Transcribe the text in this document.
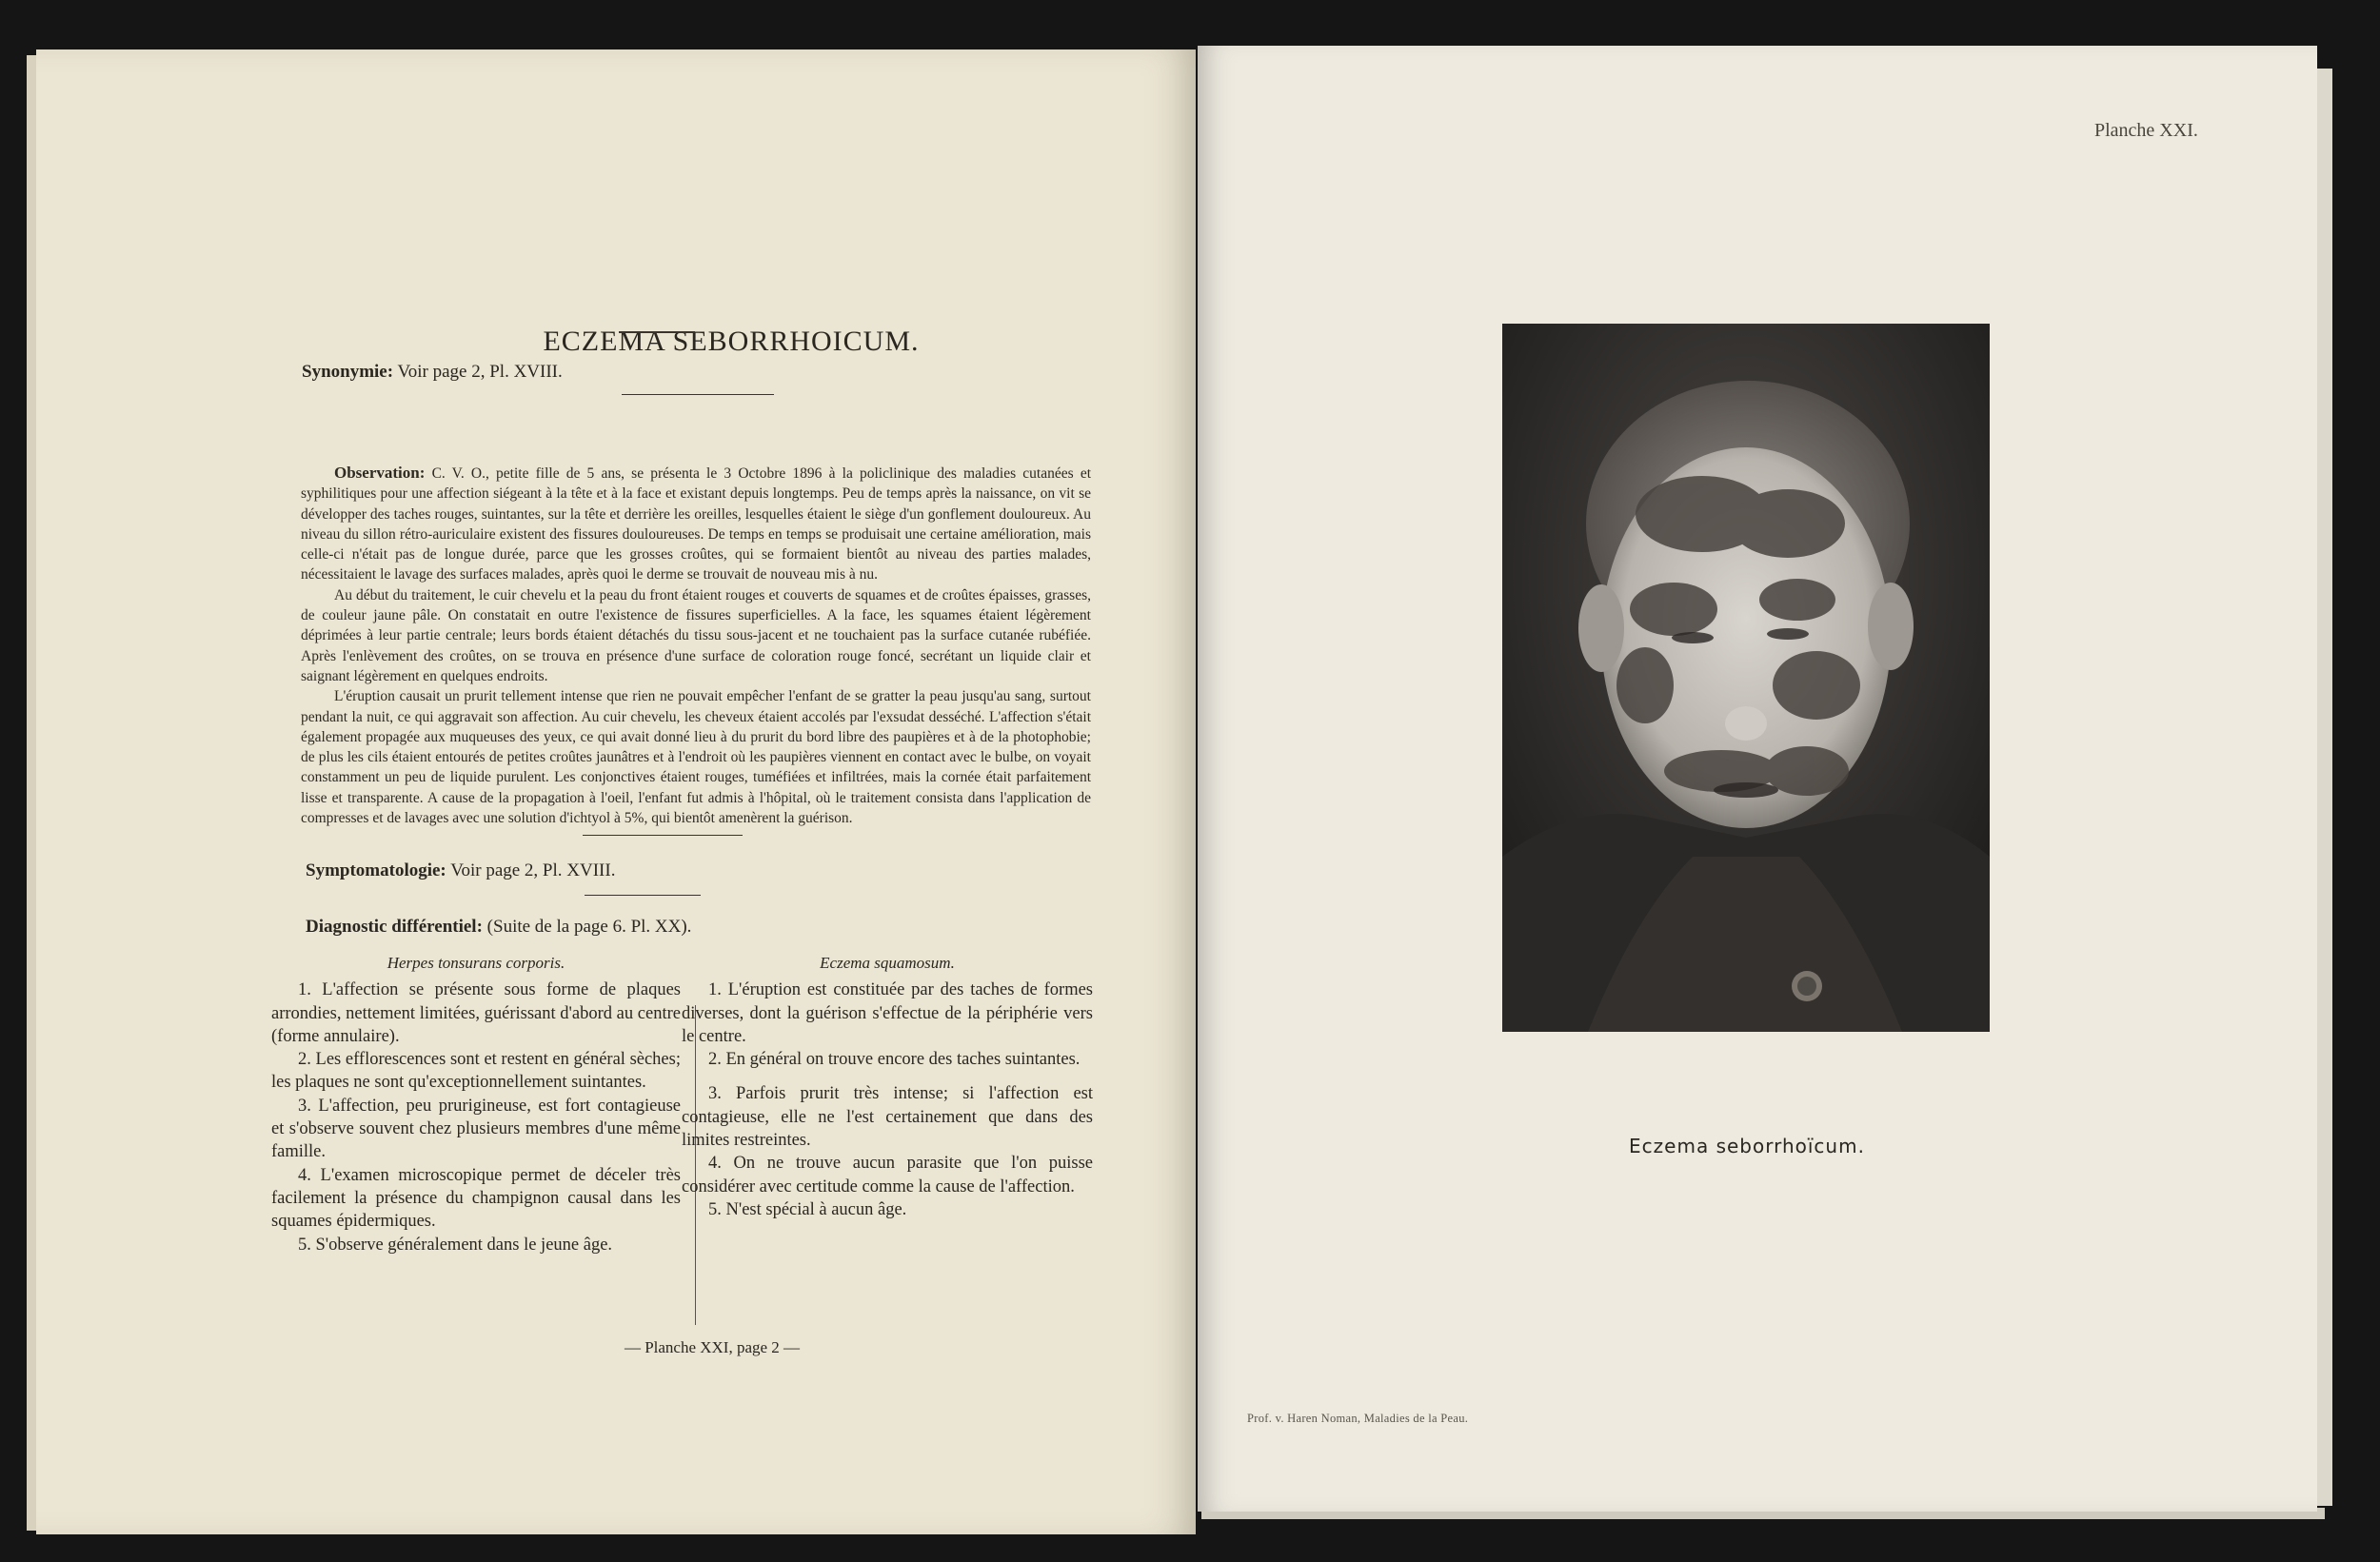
ECZEMA SEBORRHOICUM.
Synonymie: Voir page 2, Pl. XVIII.

Observation: C. V. O., petite fille de 5 ans, se présenta le 3 Octobre 1896 à la policlinique des maladies cutanées et syphilitiques pour une affection siégeant à la tête et à la face et existant depuis longtemps. Peu de temps après la naissance, on vit se développer des taches rouges, suintantes, sur la tête et derrière les oreilles, lesquelles étaient le siège d'un gonflement douloureux. Au niveau du sillon rétro-auriculaire existent des fissures douloureuses. De temps en temps se produisait une certaine amélioration, mais celle-ci n'était pas de longue durée, parce que les grosses croûtes, qui se formaient bientôt au niveau des parties malades, nécessitaient le lavage des surfaces malades, après quoi le derme se trouvait de nouveau mis à nu.

Au début du traitement, le cuir chevelu et la peau du front étaient rouges et couverts de squames et de croûtes épaisses, grasses, de couleur jaune pâle. On constatait en outre l'existence de fissures superficielles. A la face, les squames étaient légèrement déprimées à leur partie centrale; leurs bords étaient détachés du tissu sous-jacent et ne touchaient pas la surface cutanée rubéfiée. Après l'enlèvement des croûtes, on se trouva en présence d'une surface de coloration rouge foncé, secrétant un liquide clair et saignant légèrement en quelques endroits.

L'éruption causait un prurit tellement intense que rien ne pouvait empêcher l'enfant de se gratter la peau jusqu'au sang, surtout pendant la nuit, ce qui aggravait son affection. Au cuir chevelu, les cheveux étaient accolés par l'exsudat desséché. L'affection s'était également propagée aux muqueuses des yeux, ce qui avait donné lieu à du prurit du bord libre des paupières et à de la photophobie; de plus les cils étaient entourés de petites croûtes jaunâtres et à l'endroit où les paupières viennent en contact avec le bulbe, on voyait constamment un peu de liquide purulent. Les conjonctives étaient rouges, tuméfiées et infiltrées, mais la cornée était parfaitement lisse et transparente. A cause de la propagation à l'oeil, l'enfant fut admis à l'hôpital, où le traitement consista dans l'application de compresses et de lavages avec une solution d'ichtyol à 5%, qui bientôt amenèrent la guérison.

Symptomatologie: Voir page 2, Pl. XVIII.
Diagnostic différentiel: (Suite de la page 6. Pl. XX).
Herpes tonsurans corporis.

1. L'affection se présente sous forme de plaques arrondies, nettement limitées, guérissant d'abord au centre (forme annulaire).

2. Les efflorescences sont et restent en général sèches; les plaques ne sont qu'exceptionnellement suintantes.

3. L'affection, peu prurigineuse, est fort contagieuse et s'observe souvent chez plusieurs membres d'une même famille.

4. L'examen microscopique permet de déceler très facilement la présence du champignon causal dans les squames épidermiques.

5. S'observe généralement dans le jeune âge.

Eczema squamosum.

1. L'éruption est constituée par des taches de formes diverses, dont la guérison s'effectue de la périphérie vers le centre.

2. En général on trouve encore des taches suintantes.

3. Parfois prurit très intense; si l'affection est contagieuse, elle ne l'est certainement que dans des limites restreintes.

4. On ne trouve aucun parasite que l'on puisse considérer avec certitude comme la cause de l'affection.

5. N'est spécial à aucun âge.

— Planche XXI, page 2 —
Planche XXI.
Eczema seborrhoïcum.
Prof. v. Haren Noman, Maladies de la Peau.
